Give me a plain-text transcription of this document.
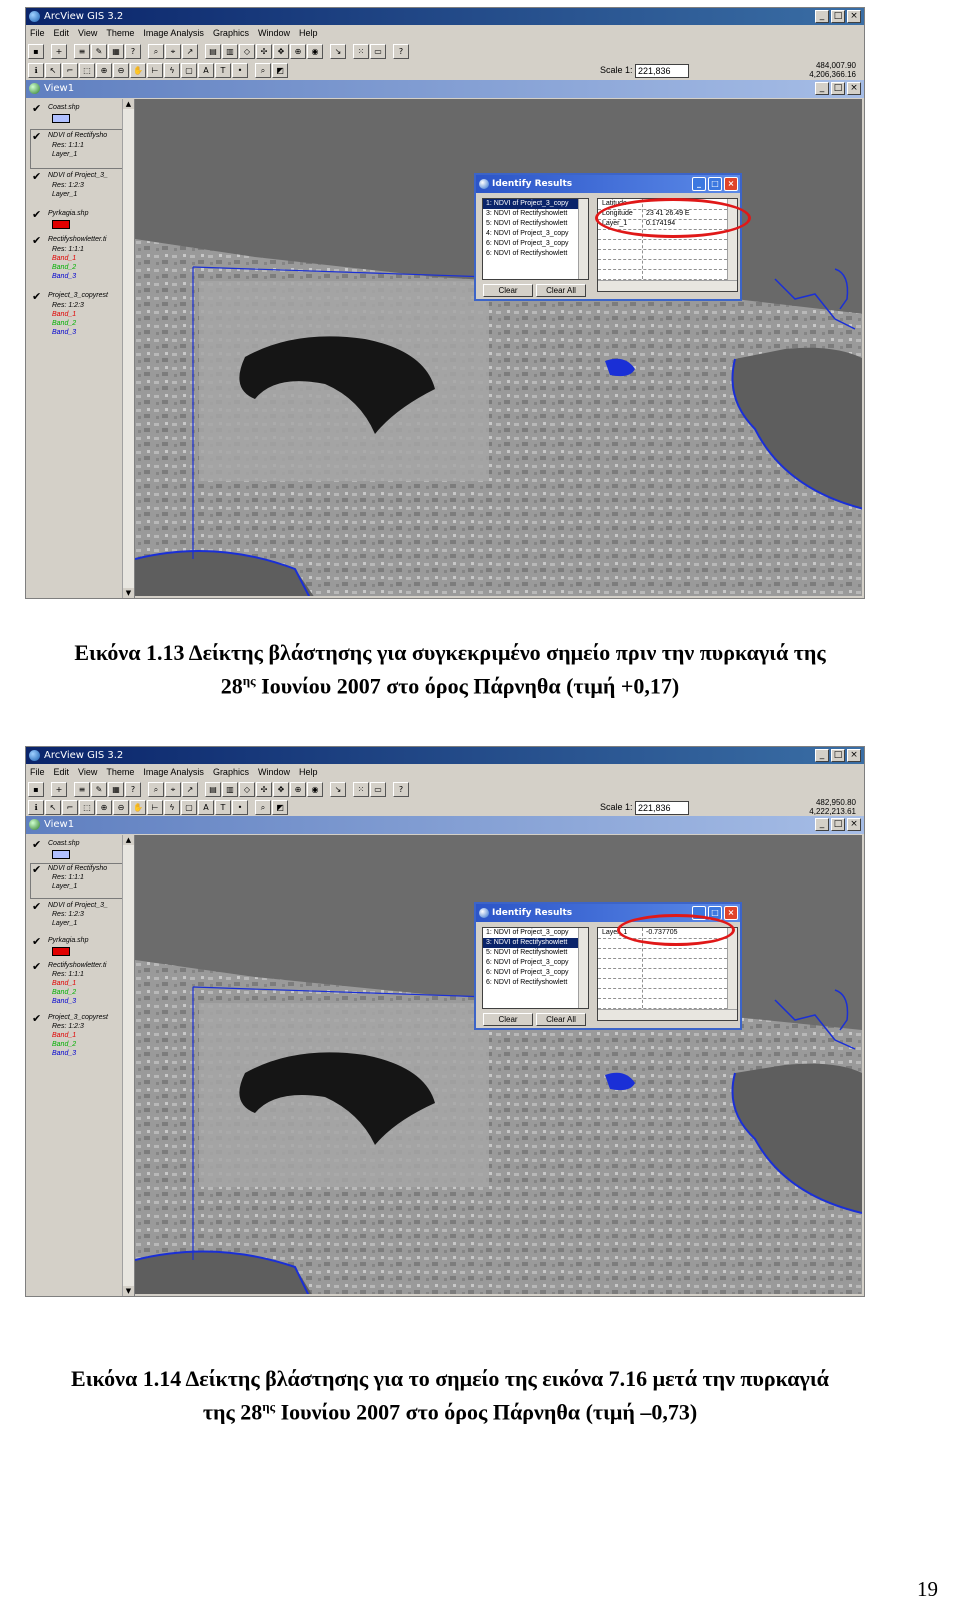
ArcView GIS 3.2	_	□ ×
File Edit View Theme Image Analysis Graphics Window Help
▪	+	≡	✎	▦	?	⌕	⌖	↗	▤	▥	◇	✣	✥	⊕	◉	↘	⁙	▭	?
ℹ	↖	⌐	⬚	⊕	⊖	✋	⊢	ϟ	▢	A	T	•	⌕	◩	Scale 1: 221,836
484,007.90
4,206,366.16
View1	_	□ ×
✔ Coast.shp
✔ NDVI of Rectifysho
Res: 1:1:1
Layer_1
✔ NDVI of Project_3_
Res: 1:2:3
Layer_1
✔ Pyrkagia.shp
✔ Rectifyshowletter.ti
Res: 1:1:1
Band_1
Band_2
Band_3
✔ Project_3_copyrest
Res: 1:2:3
Band_1
Band_2
Band_3
▲
▼
Identify Results	_	□	×
1: NDVI of Project_3_copy
3: NDVI of Rectifyshowlett
5: NDVI of Rectifyshowlett
4: NDVI of Project_3_copy
6: NDVI of Project_3_copy
6: NDVI of Rectifyshowlett
Latitude
Longitude 23 41 26.49 E
Layer_1	0.174194
Clear	Clear All
Εικόνα 1.13 Δείκτης βλάστησης για συγκεκριμένο σημείο πριν την πυρκαγιά της
$28^{\eta\varsigma}$ Ιουνίου 2007 στο όρος Πάρνηθα (τιμή +0,17)
ArcView GIS 3.2	_	□ ×
File Edit View Theme Image Analysis Graphics Window Help
▪	+	≡	✎	▦	?	⌕	⌖	↗	▤	▥	◇	✣	✥	⊕	◉	↘	⁙	▭	?
ℹ	↖	⌐	⬚	⊕	⊖	✋	⊢	ϟ	▢	A	T	•	⌕	◩	Scale 1: 221,836
482,950.80
4,222,213.61
View1	_	□ ×
✔ Coast.shp
✔ NDVI of Rectifysho
Res: 1:1:1
Layer_1
✔ NDVI of Project_3_
Res: 1:2:3
Layer_1
✔ Pyrkagia.shp
✔ Rectifyshowletter.ti
Res: 1:1:1
Band_1
Band_2
Band_3
✔ Project_3_copyrest
Res: 1:2:3
Band_1
Band_2
Band_3
▲
▼
Identify Results	_	□	×
1: NDVI of Project_3_copy
3: NDVI of Rectifyshowlett
5: NDVI of Rectifyshowlett
6: NDVI of Project_3_copy
6: NDVI of Project_3_copy
6: NDVI of Rectifyshowlett
Layer_1	-0.737705
Clear	Clear All
Εικόνα 1.14 Δείκτης βλάστησης για το σημείο της εικόνα 7.16 μετά την πυρκαγιά
της $28^{\eta\varsigma}$ Ιουνίου 2007 στο όρος Πάρνηθα (τιμή –0,73)
19
